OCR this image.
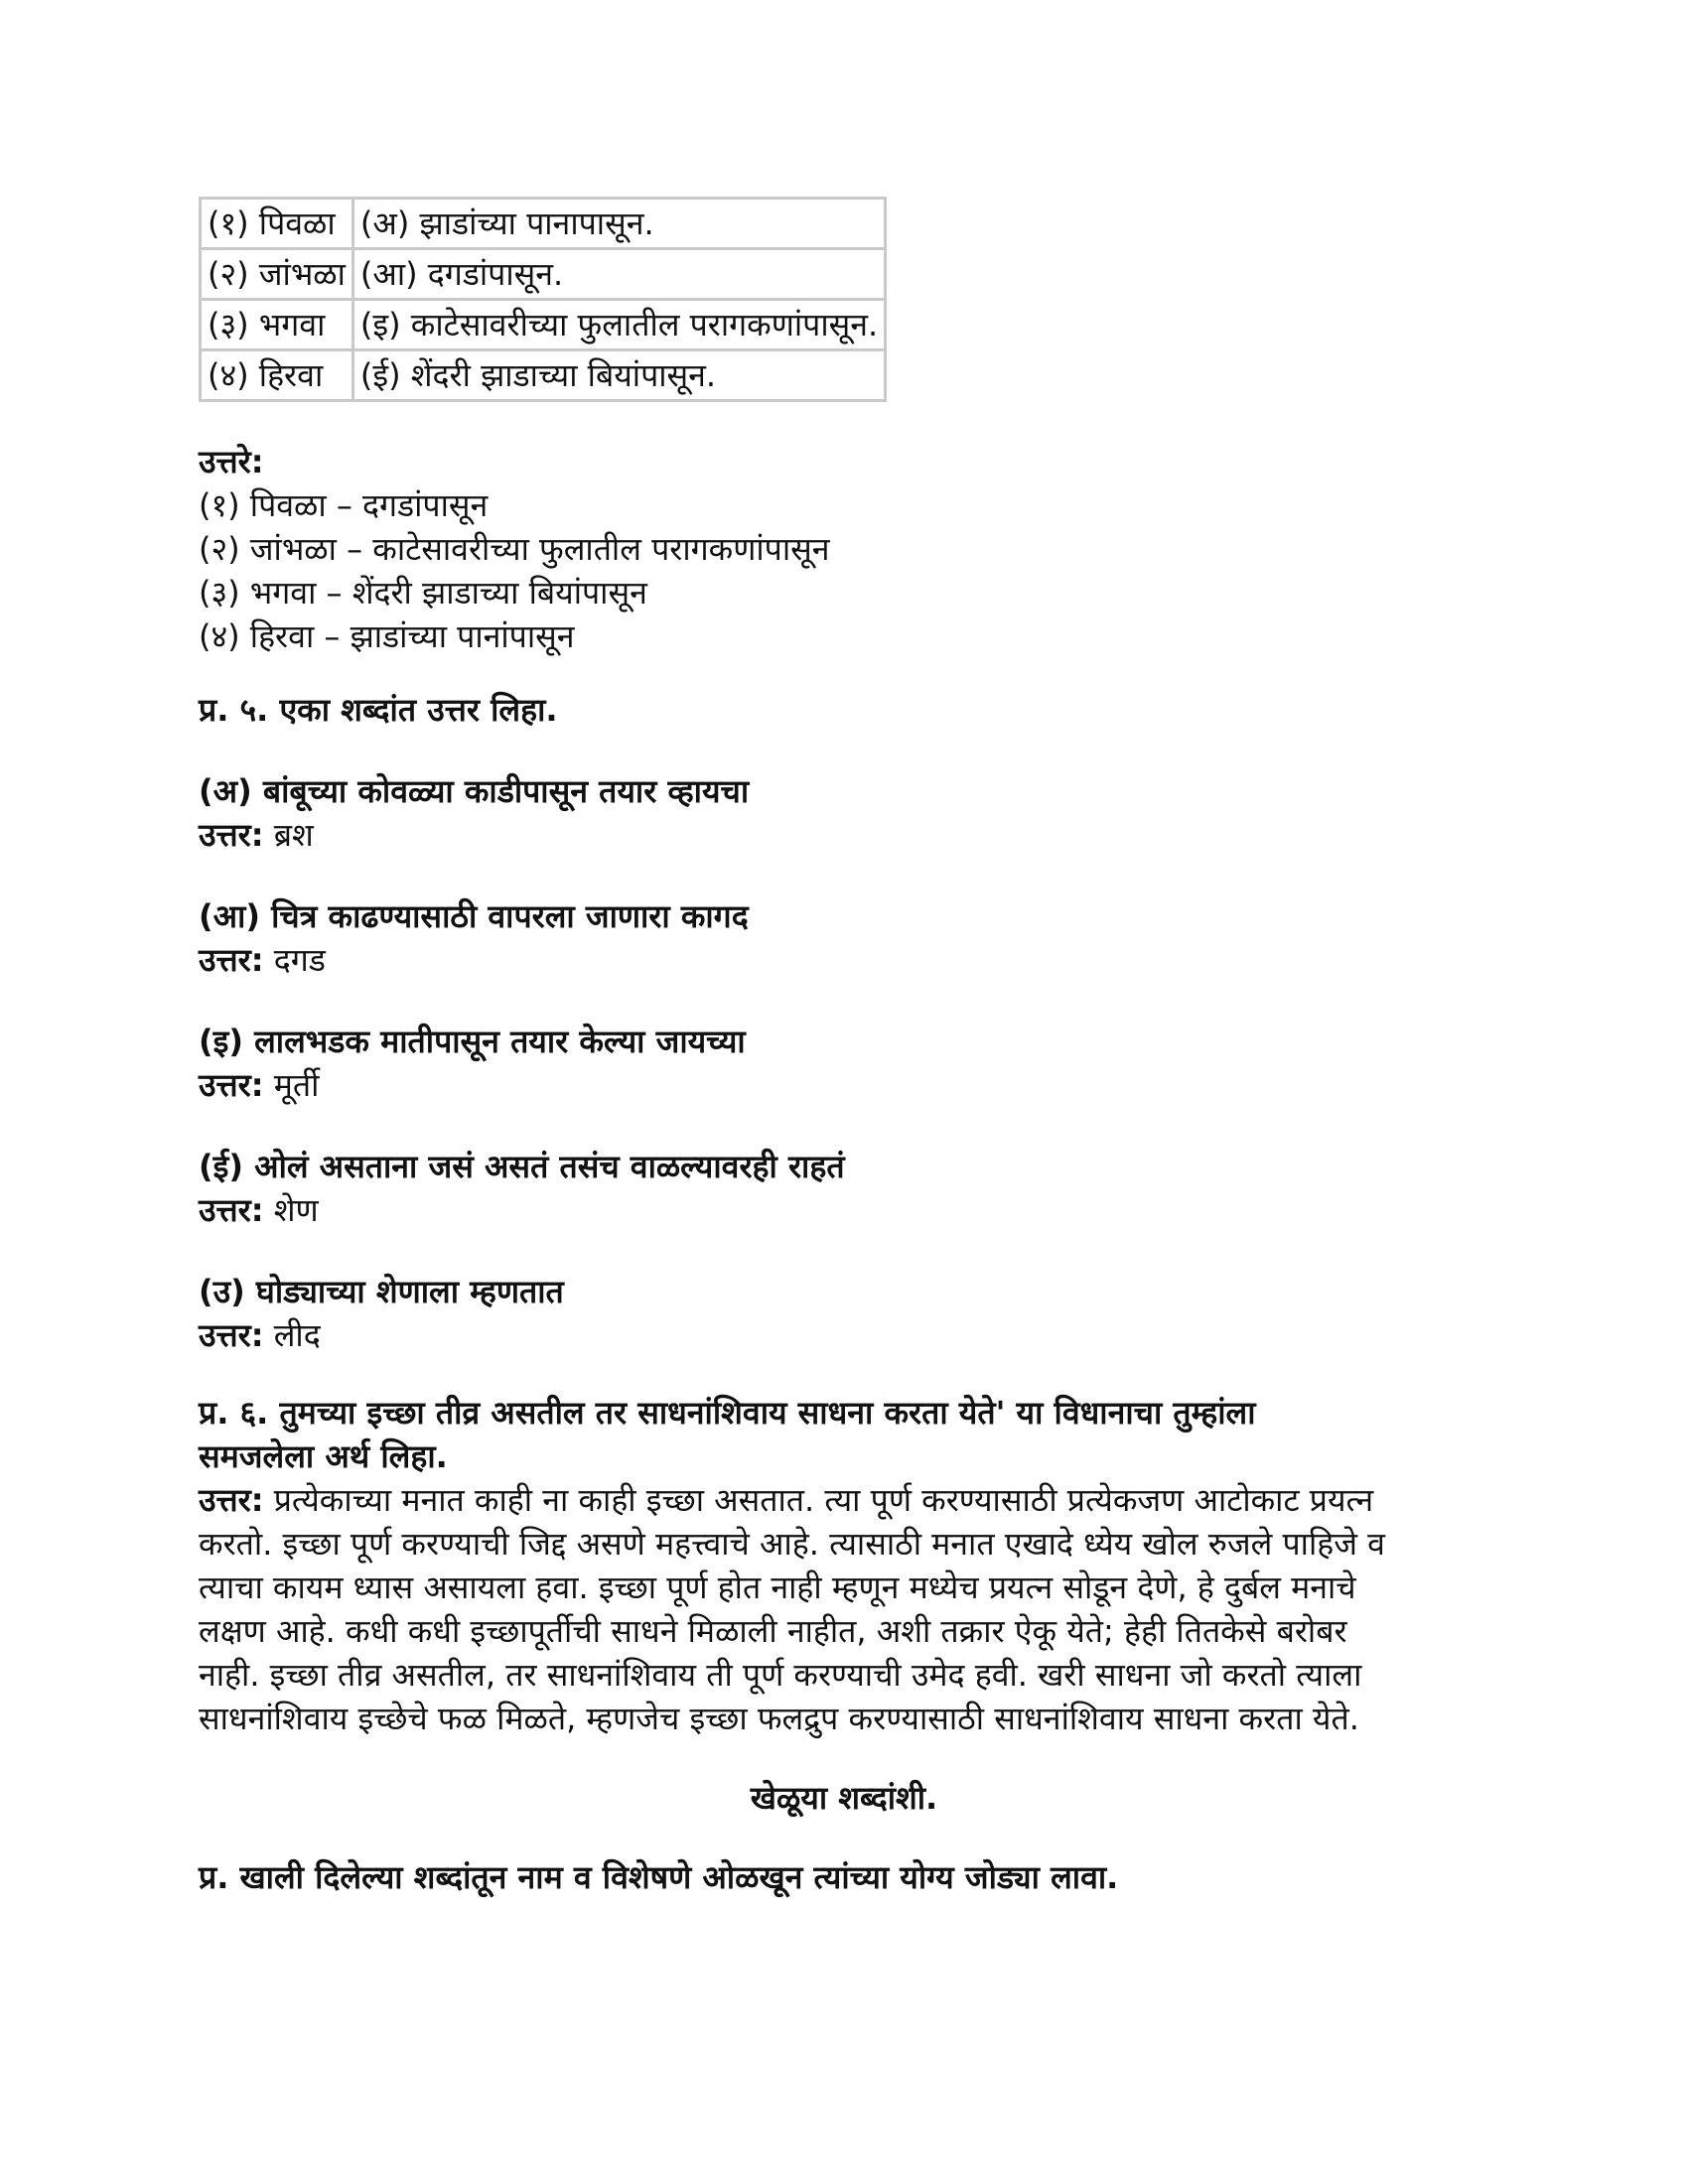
(१) पिवळा	(अ) झाडांच्या पानापासून.
(२) जांभळा	(आ) दगडांपासून.
(३) भगवा	(इ) काटेसावरीच्या फुलातील परागकणांपासून.
(४) हिरवा	(ई) शेंदरी झाडाच्या बियांपासून.
उत्तरे:
(१) पिवळा – दगडांपासून
(२) जांभळा – काटेसावरीच्या फुलातील परागकणांपासून
(३) भगवा – शेंदरी झाडाच्या बियांपासून
(४) हिरवा – झाडांच्या पानांपासून
प्र. ५. एका शब्दांत उत्तर लिहा.
(अ) बांबूच्या कोवळ्या काडीपासून तयार व्हायचा
उत्तर: ब्रश
(आ) चित्र काढण्यासाठी वापरला जाणारा कागद
उत्तर: दगड
(इ) लालभडक मातीपासून तयार केल्या जायच्या
उत्तर: मूर्ती
(ई) ओलं असताना जसं असतं तसंच वाळल्यावरही राहतं
उत्तर: शेण
(उ) घोड्याच्या शेणाला म्हणतात
उत्तर: लीद
प्र. ६. तुमच्या इच्छा तीव्र असतील तर साधनांशिवाय साधना करता येते' या विधानाचा तुम्हांला
समजलेला अर्थ लिहा.
उत्तर: प्रत्येकाच्या मनात काही ना काही इच्छा असतात. त्या पूर्ण करण्यासाठी प्रत्येकजण आटोकाट प्रयत्न
करतो. इच्छा पूर्ण करण्याची जिद्द असणे महत्त्वाचे आहे. त्यासाठी मनात एखादे ध्येय खोल रुजले पाहिजे व
त्याचा कायम ध्यास असायला हवा. इच्छा पूर्ण होत नाही म्हणून मध्येच प्रयत्न सोडून देणे, हे दुर्बल मनाचे
लक्षण आहे. कधी कधी इच्छापूर्तीची साधने मिळाली नाहीत, अशी तक्रार ऐकू येते; हेही तितकेसे बरोबर
नाही. इच्छा तीव्र असतील, तर साधनांशिवाय ती पूर्ण करण्याची उमेद हवी. खरी साधना जो करतो त्याला
साधनांशिवाय इच्छेचे फळ मिळते, म्हणजेच इच्छा फलद्रुप करण्यासाठी साधनांशिवाय साधना करता येते.
खेळूया शब्दांशी.
प्र. खाली दिलेल्या शब्दांतून नाम व विशेषणे ओळखून त्यांच्या योग्य जोड्या लावा.
